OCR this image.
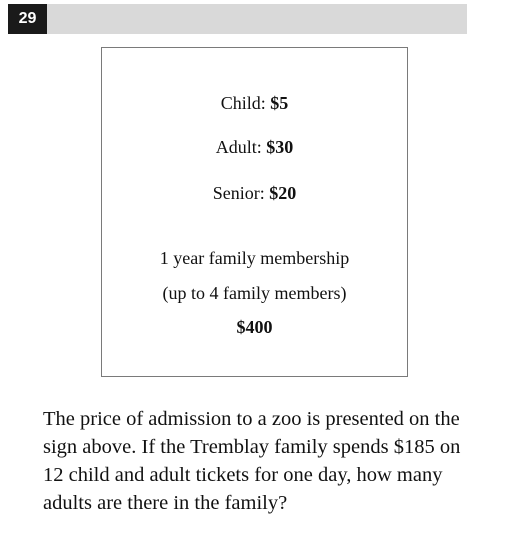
29
Child: $5
Adult: $30
Senior: $20
1 year family membership
(up to 4 family members)
$400

The price of admission to a zoo is presented on the sign above. If the Tremblay family spends $185 on 12 child and adult tickets for one day, how many adults are there in the family?
